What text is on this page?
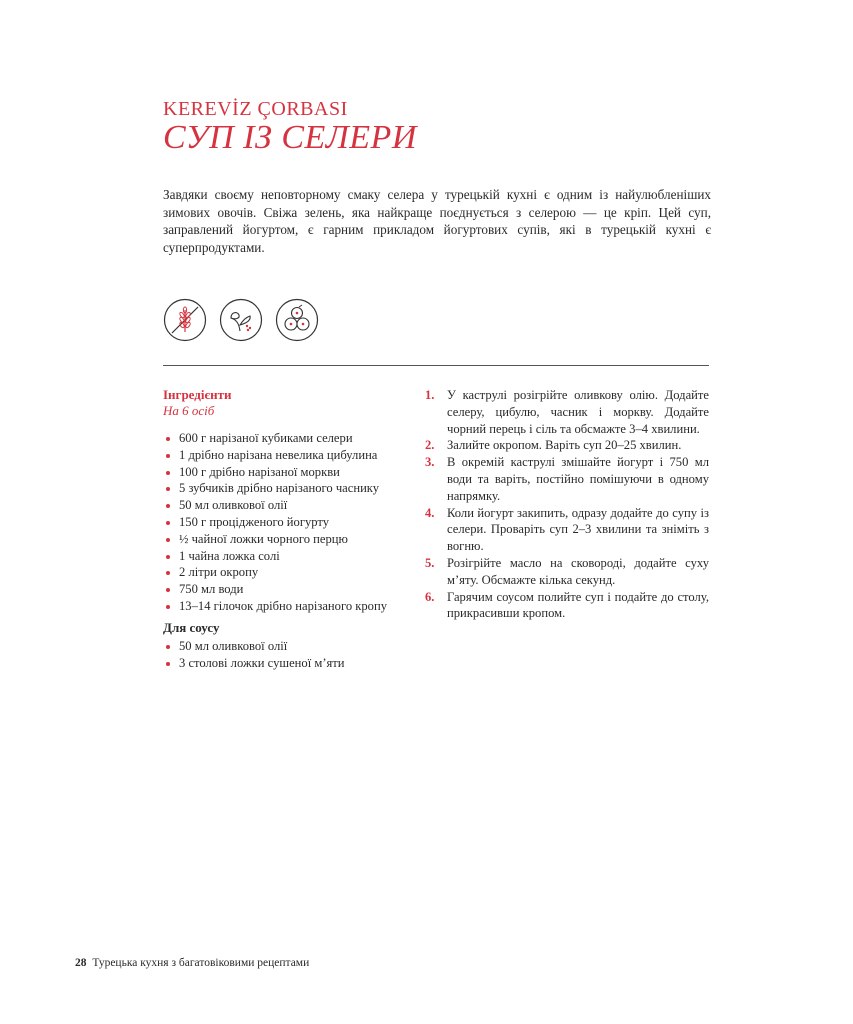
KEREVİZ ÇORBASI
СУП ІЗ СЕЛЕРИ

Завдяки своєму неповторному смаку селера у турецькій кухні є одним із найулюбленіших зимових овочів. Свіжа зелень, яка найкраще поєднується з селерою — це кріп. Цей суп, заправлений йогуртом, є гарним прикладом йогуртових супів, які в турецькій кухні є суперпродуктами.

Інгредієнти
На 6 осіб
600 г нарізаної кубиками селери
1 дрібно нарізана невелика цибулина
100 г дрібно нарізаної моркви
5 зубчиків дрібно нарізаного часнику
50 мл оливкової олії
150 г процідженого йогурту
½ чайної ложки чорного перцю
1 чайна ложка солі
2 літри окропу
750 мл води
13–14 гілочок дрібно нарізаного кропу
Для соусу
50 мл оливкової олії
3 столові ложки сушеної м’яти
1. У каструлі розігрійте оливкову олію. Додайте селеру, цибулю, часник і моркву. Додайте чорний перець і сіль та обсмажте 3–4 хвилини.
2. Залийте окропом. Варіть суп 20–25 хвилин.
3. В окремій каструлі змішайте йогурт і 750 мл води та варіть, постійно помішуючи в одному напрямку.
4. Коли йогурт закипить, одразу додайте до супу із селери. Проваріть суп 2–3 хвилини та зніміть з вогню.
5. Розігрійте масло на сковороді, додайте суху м’яту. Обсмажте кілька секунд.
6. Гарячим соусом полийте суп і подайте до столу, прикрасивши кропом.
28 Турецька кухня з багатовіковими рецептами
